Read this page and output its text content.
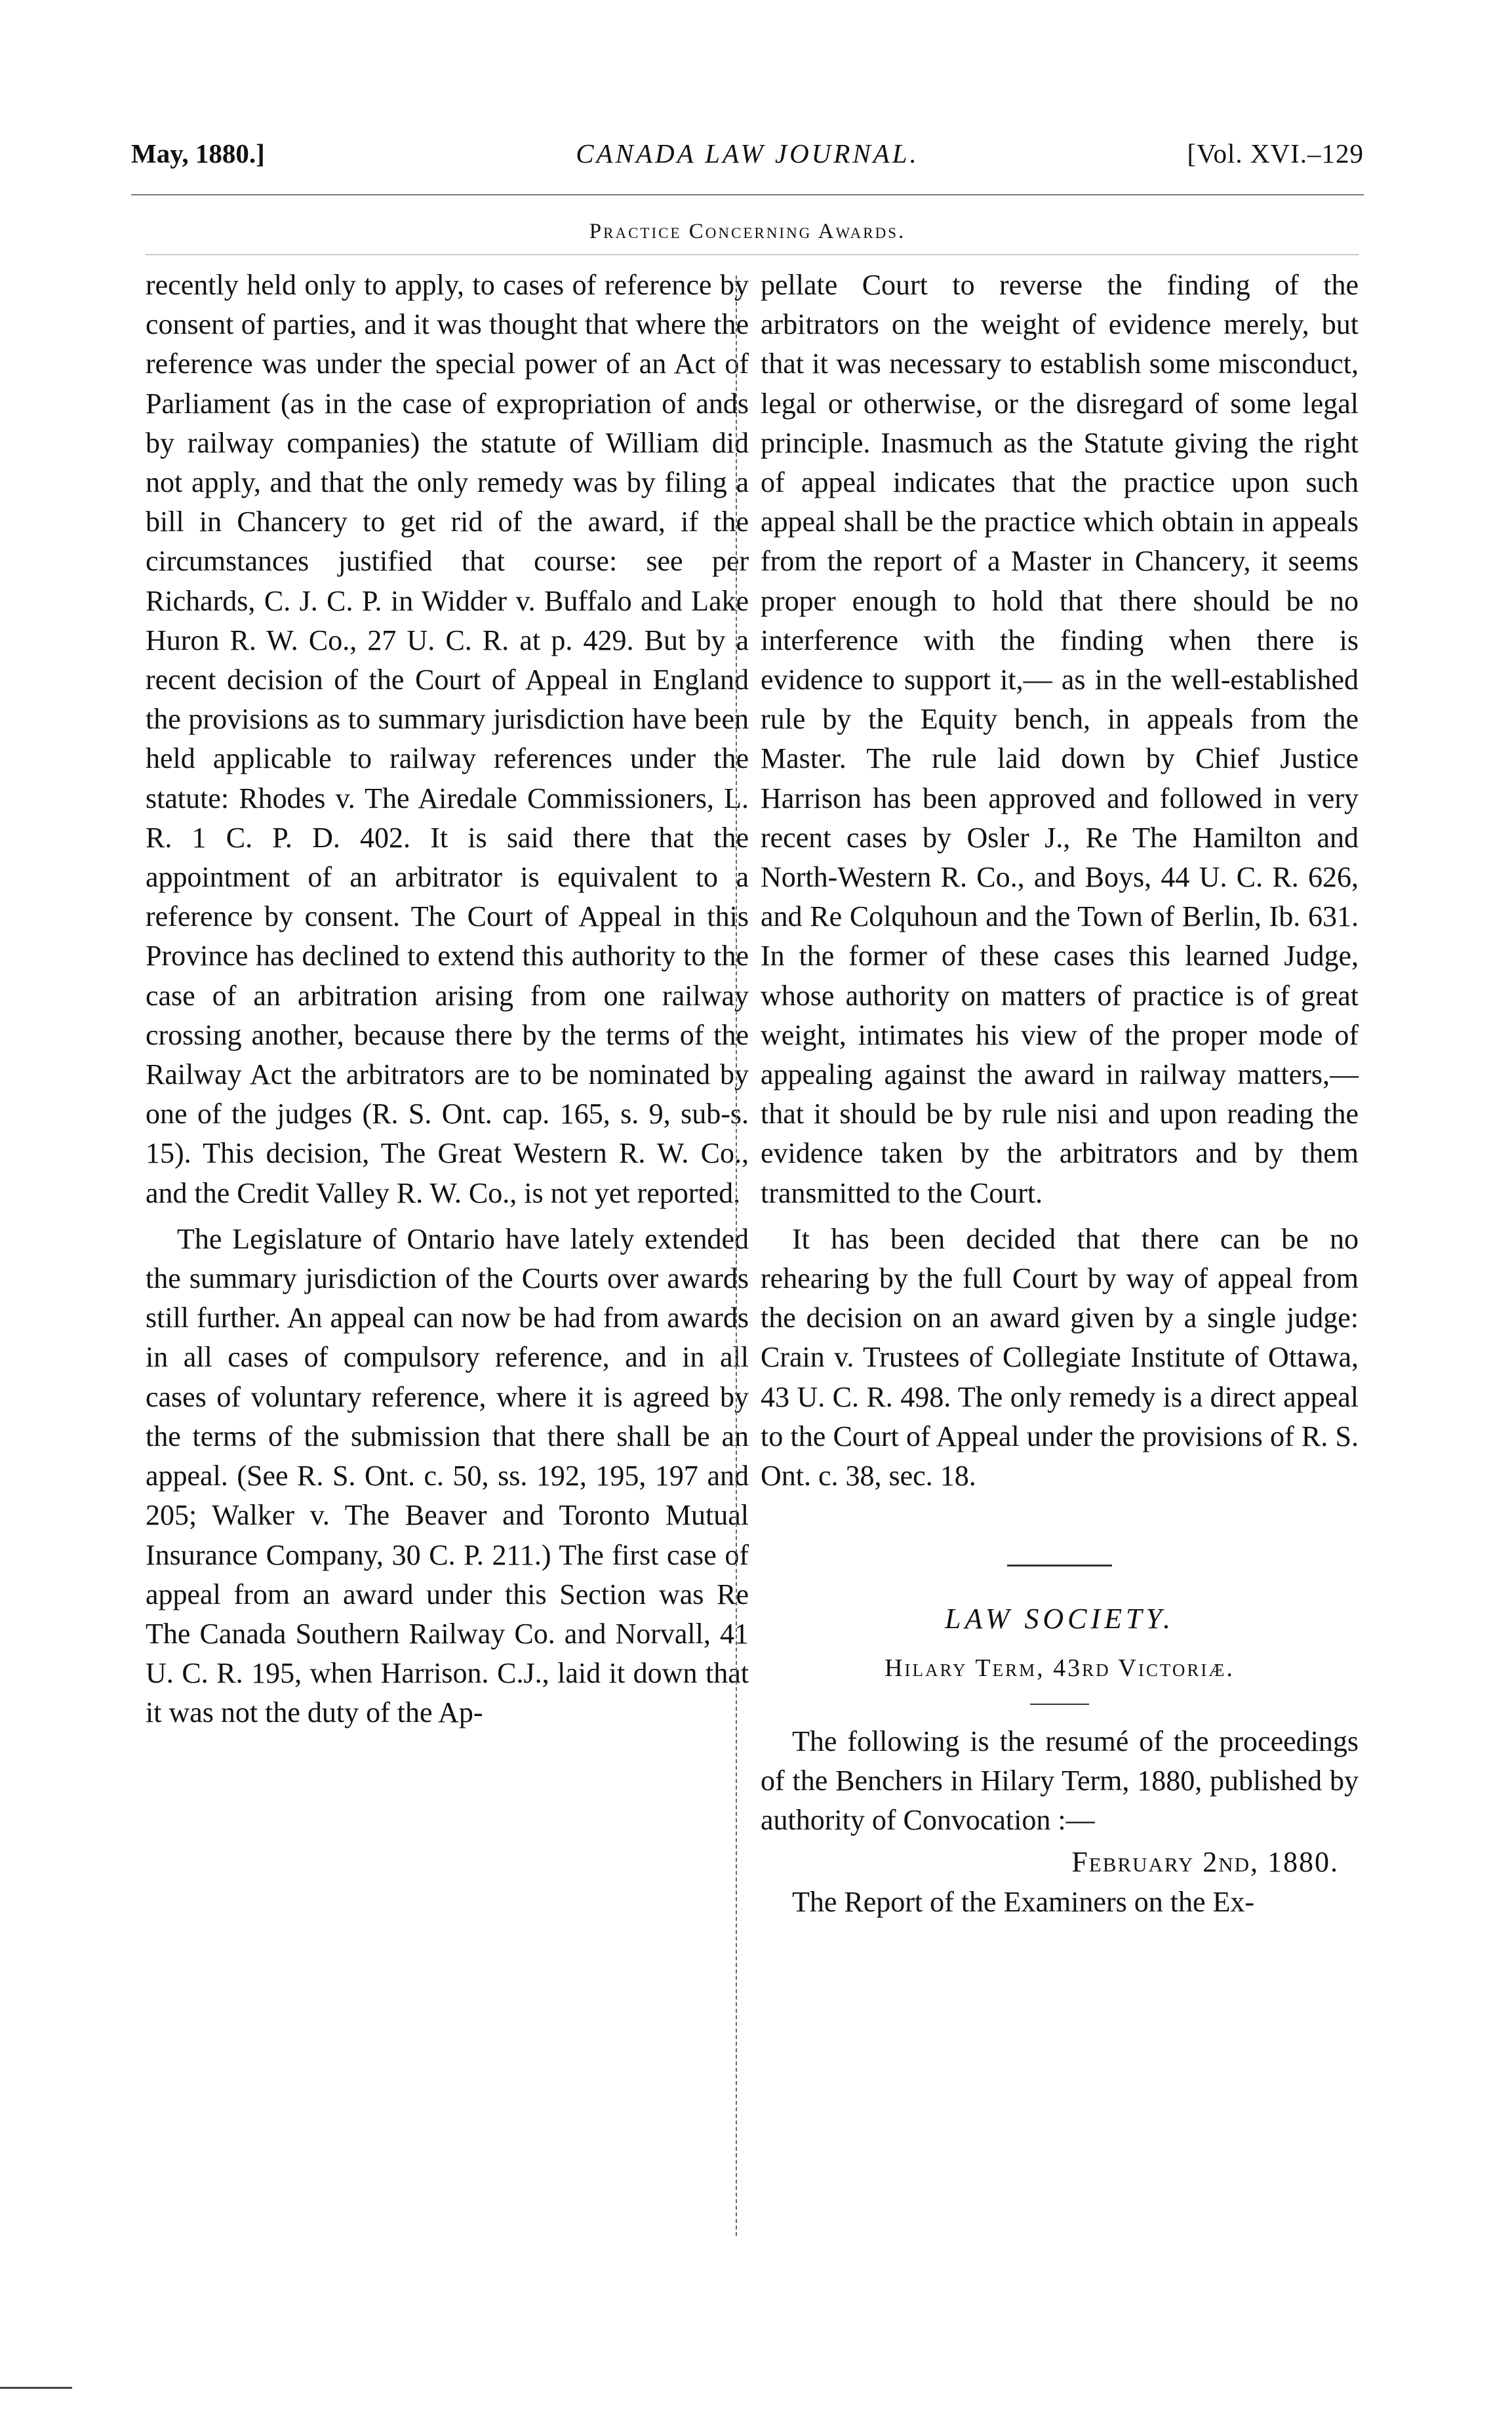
May, 1880.]	CANADA LAW JOURNAL.	[Vol. XVI.–129
Practice Concerning Awards.

recently held only to apply, to cases of reference by consent of parties, and it was thought that where the reference was under the special power of an Act of Parliament (as in the case of expropriation of ands by railway companies) the statute of William did not apply, and that the only remedy was by filing a bill in Chancery to get rid of the award, if the circumstances justified that course: see per Richards, C. J. C. P. in Widder v. Buffalo and Lake Huron R. W. Co., 27 U. C. R. at p. 429. But by a recent decision of the Court of Appeal in England the provisions as to summary jurisdiction have been held applicable to railway references under the statute: Rhodes v. The Airedale Commissioners, L. R. 1 C. P. D. 402. It is said there that the appointment of an arbitrator is equivalent to a reference by consent. The Court of Appeal in this Province has declined to extend this authority to the case of an arbitration arising from one railway crossing another, because there by the terms of the Railway Act the arbitrators are to be nominated by one of the judges (R. S. Ont. cap. 165, s. 9, sub-s. 15). This decision, The Great Western R. W. Co., and the Credit Valley R. W. Co., is not yet reported.

The Legislature of Ontario have lately extended the summary jurisdiction of the Courts over awards still further. An appeal can now be had from awards in all cases of compulsory reference, and in all cases of voluntary reference, where it is agreed by the terms of the submission that there shall be an appeal. (See R. S. Ont. c. 50, ss. 192, 195, 197 and 205; Walker v. The Beaver and Toronto Mutual Insurance Company, 30 C. P. 211.) The first case of appeal from an award under this Section was Re The Canada Southern Railway Co. and Norvall, 41 U. C. R. 195, when Harrison. C.J., laid it down that it was not the duty of the Ap-

pellate Court to reverse the finding of the arbitrators on the weight of evidence merely, but that it was necessary to establish some misconduct, legal or otherwise, or the disregard of some legal principle. Inasmuch as the Statute giving the right of appeal indicates that the practice upon such appeal shall be the practice which obtain in appeals from the report of a Master in Chancery, it seems proper enough to hold that there should be no interference with the finding when there is evidence to support it,— as in the well-established rule by the Equity bench, in appeals from the Master. The rule laid down by Chief Justice Harrison has been approved and followed in very recent cases by Osler J., Re The Hamilton and North-Western R. Co., and Boys, 44 U. C. R. 626, and Re Colquhoun and the Town of Berlin, Ib. 631. In the former of these cases this learned Judge, whose authority on matters of practice is of great weight, intimates his view of the proper mode of appealing against the award in railway matters,—that it should be by rule nisi and upon reading the evidence taken by the arbitrators and by them transmitted to the Court.

It has been decided that there can be no rehearing by the full Court by way of appeal from the decision on an award given by a single judge: Crain v. Trustees of Collegiate Institute of Ottawa, 43 U. C. R. 498. The only remedy is a direct appeal to the Court of Appeal under the provisions of R. S. Ont. c. 38, sec. 18.

LAW SOCIETY.
Hilary Term, 43rd Victoriæ.

The following is the resumé of the proceedings of the Benchers in Hilary Term, 1880, published by authority of Convocation :—

February 2nd, 1880.

The Report of the Examiners on the Ex-
